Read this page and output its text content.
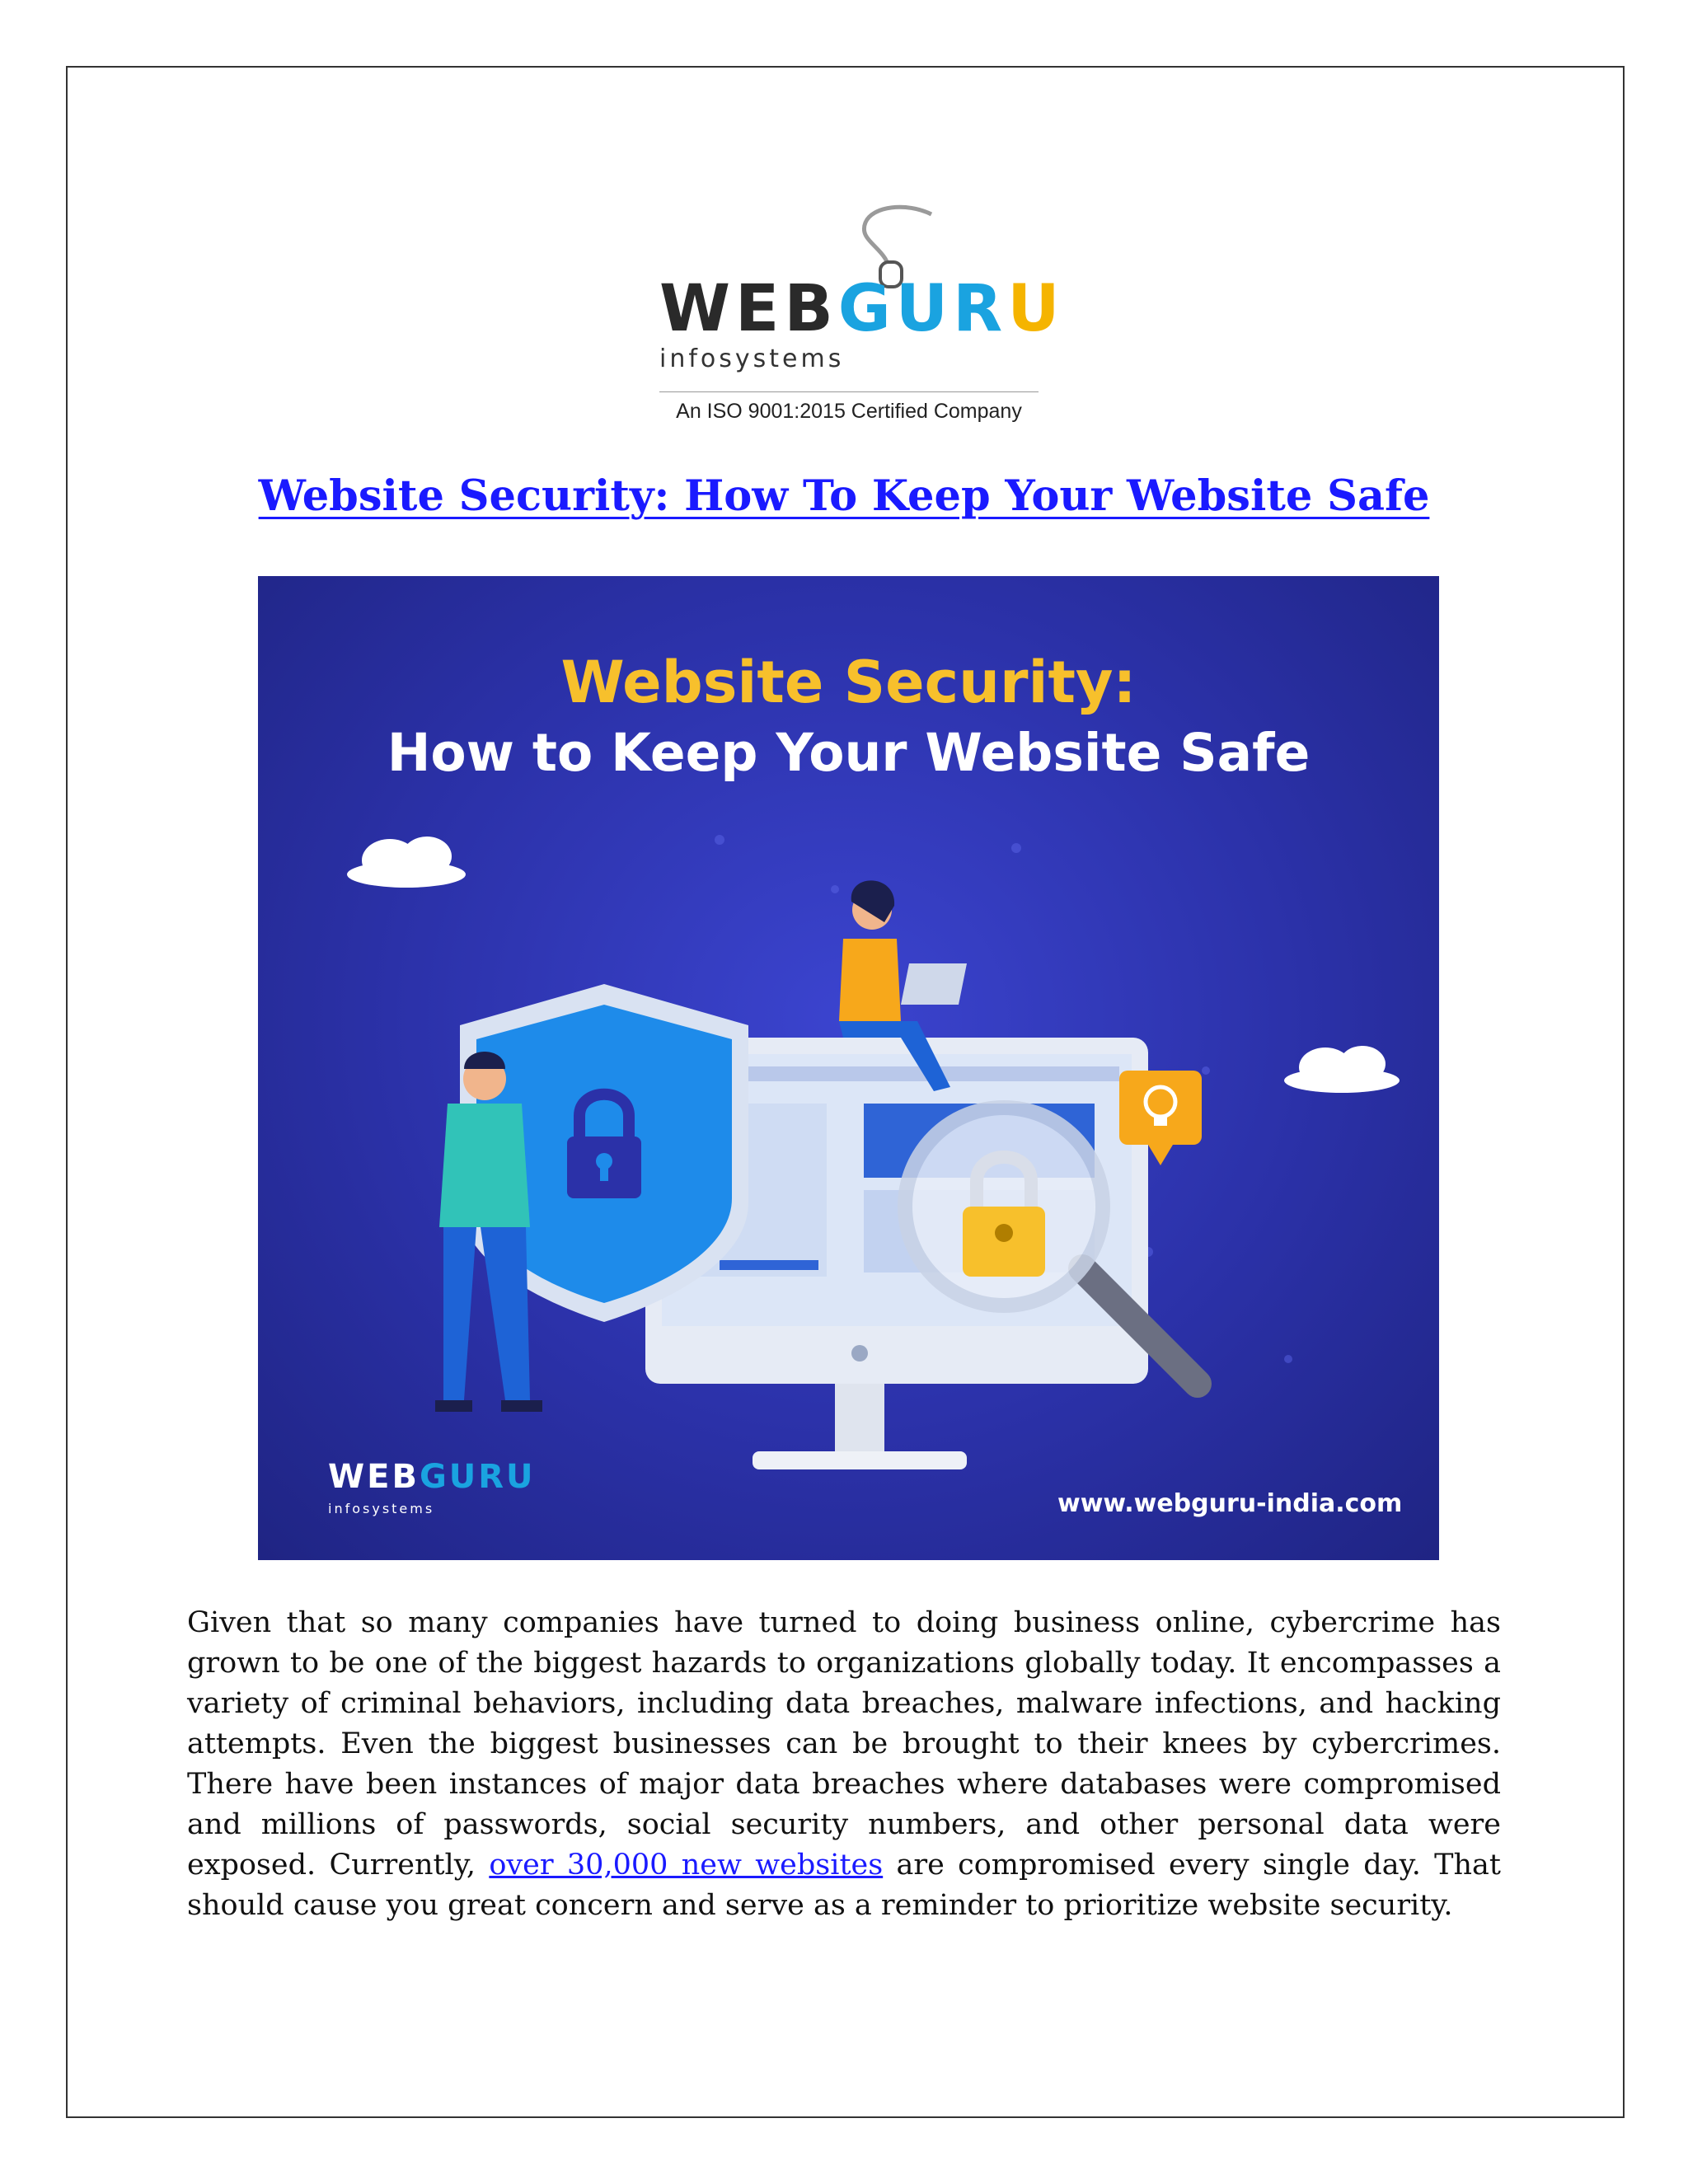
WEBGURU
infosystems
An ISO 9001:2015 Certified Company
Website Security: How To Keep Your Website Safe
Website Security:
How to Keep Your Website Safe
WEBGURU
infosystems	www.webguru-india.com

Given that so many companies have turned to doing business online, cybercrime has grown to be one of the biggest hazards to organizations globally today. It encompasses a variety of criminal behaviors, including data breaches, malware infections, and hacking attempts. Even the biggest businesses can be brought to their knees by cybercrimes. There have been instances of major data breaches where databases were compromised and millions of passwords, social security numbers, and other personal data were exposed. Currently, over 30,000 new websites are compromised every single day. That should cause you great concern and serve as a reminder to prioritize website security.
